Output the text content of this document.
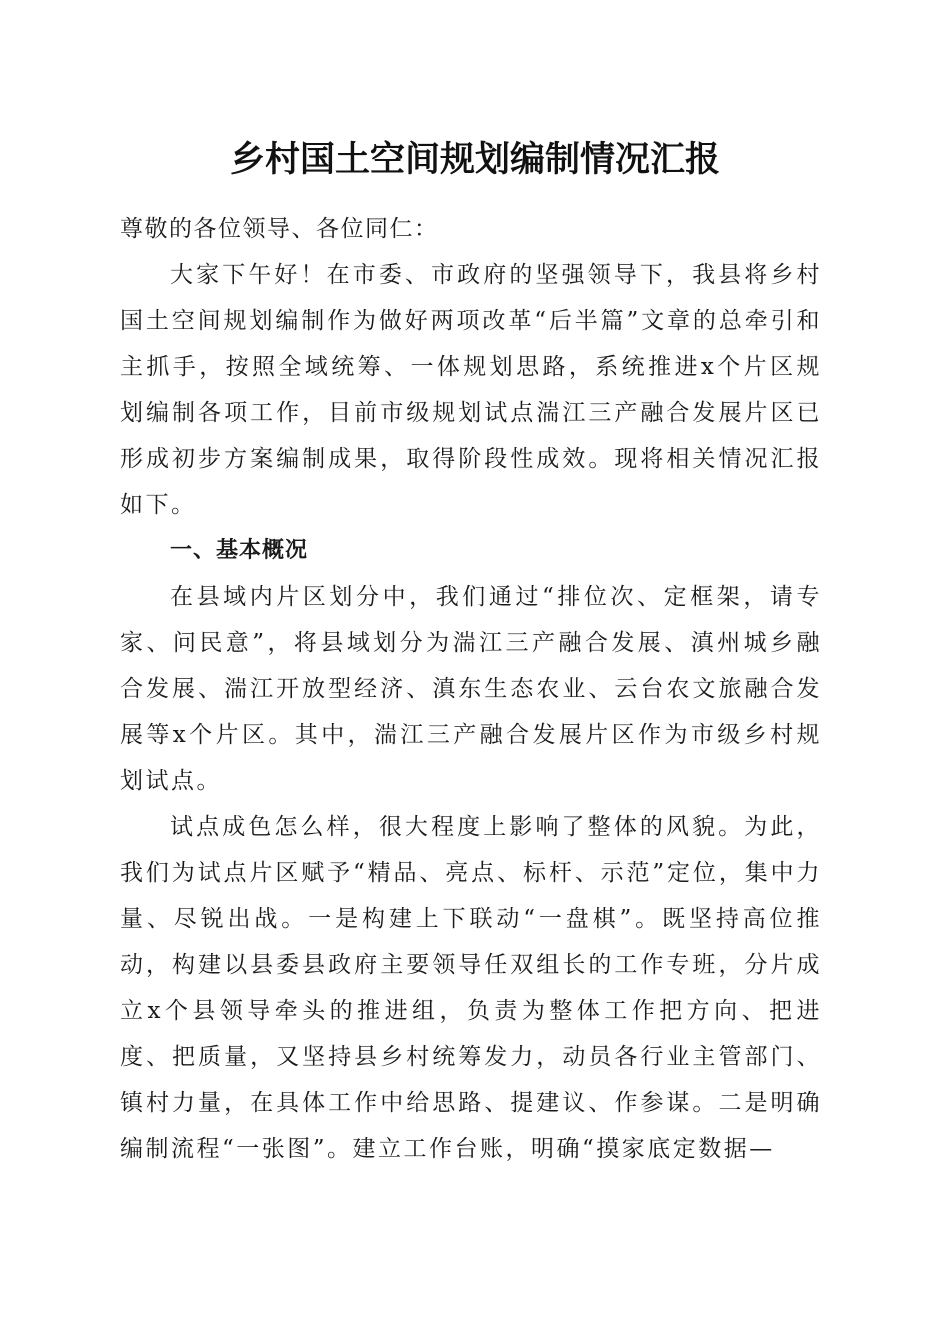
乡村国土空间规划编制情况汇报

尊敬的各位领导、各位同仁：

大家下午好！在市委、市政府的坚强领导下，我县将乡村国土空间规划编制作为做好两项改革“后半篇”文章的总牵引和主抓手，按照全域统筹、一体规划思路，系统推进x个片区规划编制各项工作，目前市级规划试点湍江三产融合发展片区已形成初步方案编制成果，取得阶段性成效。现将相关情况汇报如下。

一、基本概况

在县域内片区划分中，我们通过“排位次、定框架，请专家、问民意”，将县域划分为湍江三产融合发展、滇州城乡融合发展、湍江开放型经济、滇东生态农业、云台农文旅融合发展等x个片区。其中，湍江三产融合发展片区作为市级乡村规划试点。

试点成色怎么样，很大程度上影响了整体的风貌。为此，我们为试点片区赋予“精品、亮点、标杆、示范”定位，集中力量、尽锐出战。一是构建上下联动“一盘棋”。既坚持高位推动，构建以县委县政府主要领导任双组长的工作专班，分片成立x个县领导牵头的推进组，负责为整体工作把方向、把进度、把质量，又坚持县乡村统筹发力，动员各行业主管部门、镇村力量，在具体工作中给思路、提建议、作参谋。二是明确编制流程“一张图”。建立工作台账，明确“摸家底定数据—
